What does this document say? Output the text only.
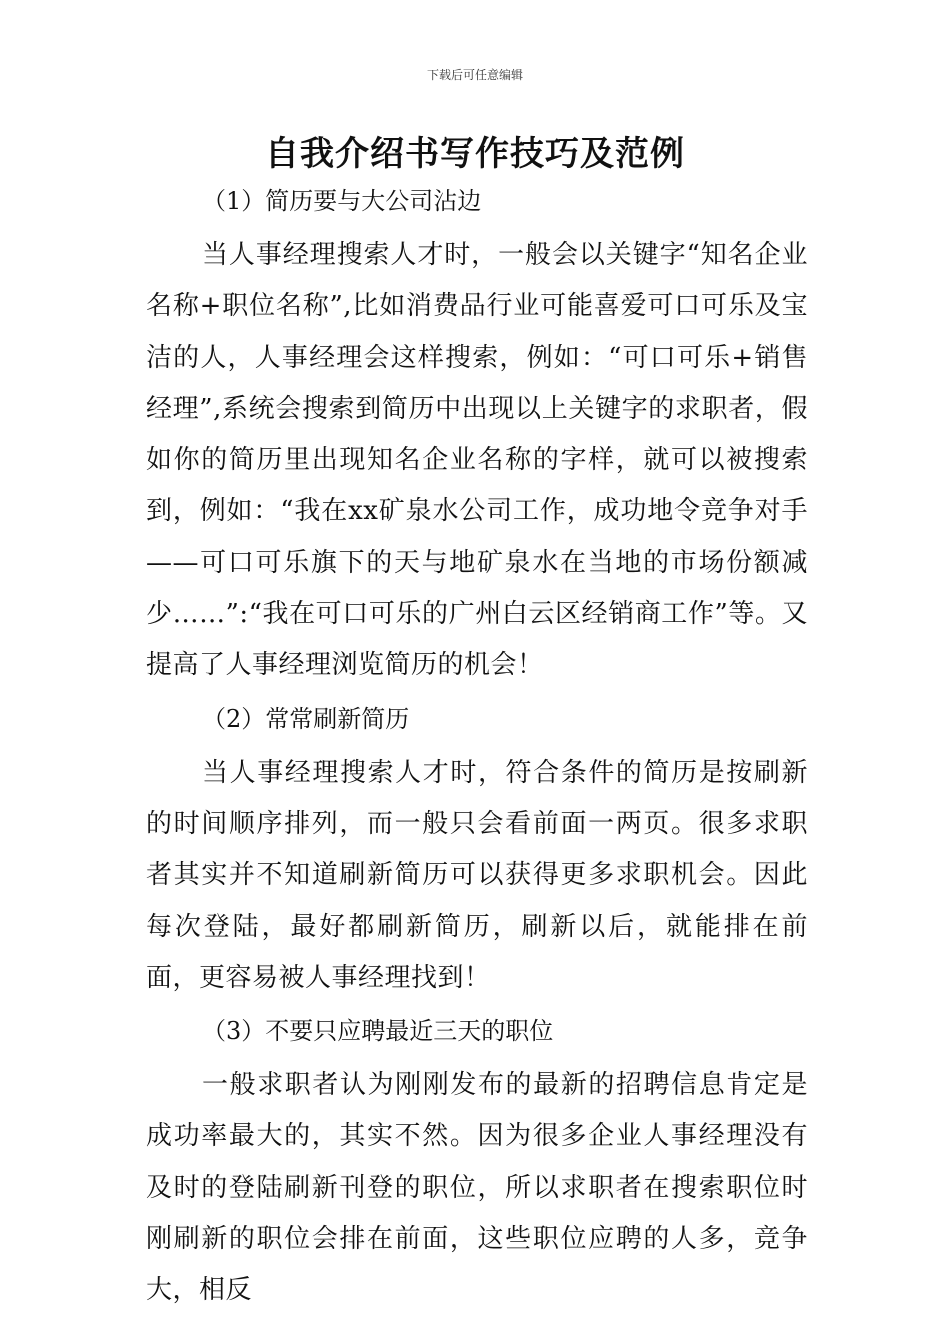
下载后可任意编辑
自我介绍书写作技巧及范例

（1）简历要与大公司沾边

当人事经理搜索人才时，一般会以关键字“知名企业名称+职位名称”,比如消费品行业可能喜爱可口可乐及宝洁的人，人事经理会这样搜索，例如：“可口可乐+销售经理”,系统会搜索到简历中出现以上关键字的求职者，假如你的简历里出现知名企业名称的字样，就可以被搜索到，例如：“我在xx矿泉水公司工作，成功地令竞争对手——可口可乐旗下的天与地矿泉水在当地的市场份额减少……”:“我在可口可乐的广州白云区经销商工作”等。又提高了人事经理浏览简历的机会！

（2）常常刷新简历

当人事经理搜索人才时，符合条件的简历是按刷新的时间顺序排列，而一般只会看前面一两页。很多求职者其实并不知道刷新简历可以获得更多求职机会。因此每次登陆，最好都刷新简历，刷新以后，就能排在前面，更容易被人事经理找到！

（3）不要只应聘最近三天的职位

一般求职者认为刚刚发布的最新的招聘信息肯定是成功率最大的，其实不然。因为很多企业人事经理没有及时的登陆刷新刊登的职位，所以求职者在搜索职位时刚刷新的职位会排在前面，这些职位应聘的人多，竞争大，相反
